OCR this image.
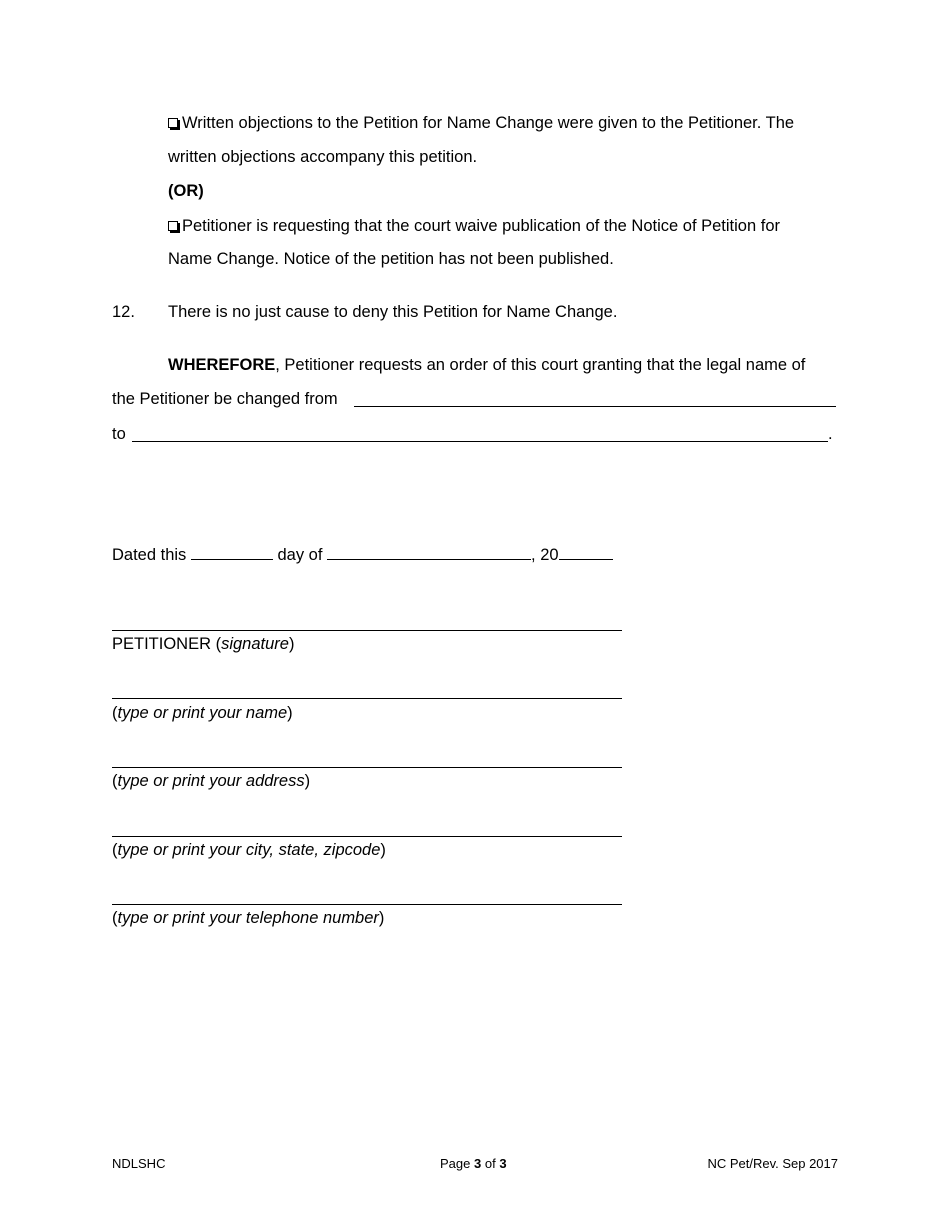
Written objections to the Petition for Name Change were given to the Petitioner. The
written objections accompany this petition.
(OR)
Petitioner is requesting that the court waive publication of the Notice of Petition for
Name Change. Notice of the petition has not been published.
12. There is no just cause to deny this Petition for Name Change.
WHEREFORE, Petitioner requests an order of this court granting that the legal name of
the Petitioner be changed from
to	.
Dated this	day of	, 20
PETITIONER (signature)
(type or print your name)
(type or print your address)
(type or print your city, state, zipcode)
(type or print your telephone number)
NDLSHC	Page 3 of 3	NC Pet/Rev. Sep 2017
